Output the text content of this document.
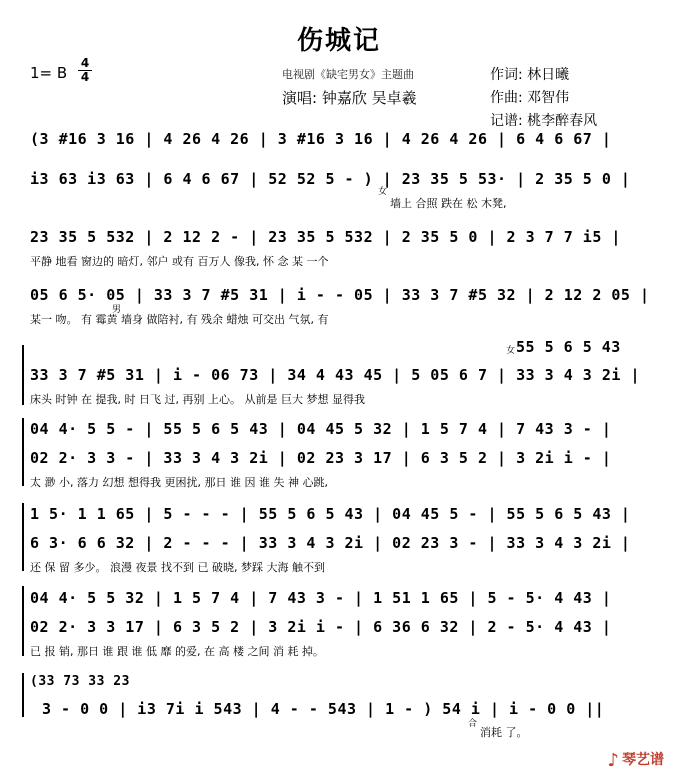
伤城记
1= B
4
4	电视剧《缺宅男女》主题曲	作词: 林日曦
演唱: 钟嘉欣 吴卓羲	作曲: 邓智伟
记谱: 桃李醉春风
(3 #16 3 16 | 4 26 4 26 | 3 #16 3 16 | 4 26 4 26 | 6 4 6 67 |
i3 63 i3 63 | 6 4 6 67 | 52 52 5 - ) | 23 35 5 53· | 2 35 5 0 |
女
墙上 合照 跌在 松 木凳,
23 35 5 532 | 2 12 2 - | 23 35 5 532 | 2 35 5 0 | 2 3 7 7 i5 |
平静 地看 窗边的 暗灯, 邻户 或有 百万人 像我, 怀 念 某 一个
05 6 5· 05 | 33 3 7 #5 31 | i - - 05 | 33 3 7 #5 32 | 2 12 2 05 |
男
某一 吻。 有 霉黄 墙身 做陪衬, 有 残余 蜡烛 可交出 气氛, 有
女 55 5 6 5 43
33 3 7 #5 31 | i - 06 73 | 34 4 43 45 | 5 05 6 7 | 33 3 4 3 2i |
床头 时钟 在 提我, 时 日飞 过, 再别 上心。 从前是 巨大 梦想 显得我
04 4· 5 5 - | 55 5 6 5 43 | 04 45 5 32 | 1 5 7 4 | 7 43 3 - |
02 2· 3 3 - | 33 3 4 3 2i | 02 23 3 17 | 6 3 5 2 | 3 2i i - |
太 渺 小, 落力 幻想 想得我 更困扰, 那日 谁 因 谁 失 神 心跳,
1 5· 1 1 65 | 5 - - - | 55 5 6 5 43 | 04 45 5 - | 55 5 6 5 43 |
6 3· 6 6 32 | 2 - - - | 33 3 4 3 2i | 02 23 3 - | 33 3 4 3 2i |
还 保 留 多少。 浪漫 夜景 找不到 已 破晓, 梦踩 大海 触不到
04 4· 5 5 32 | 1 5 7 4 | 7 43 3 - | 1 51 1 65 | 5 - 5· 4 43 |
02 2· 3 3 17 | 6 3 5 2 | 3 2i i - | 6 36 6 32 | 2 - 5· 4 43 |
已 报 销, 那日 谁 跟 谁 低 靡 的爱, 在 高 楼 之间 消 耗 掉。
(33 73 33 23
3 - 0 0 | i3 7i i 543 | 4 - - 543 | 1 - ) 54 i | i - 0 0 ||
合
消耗 了。
♪ 琴艺谱
